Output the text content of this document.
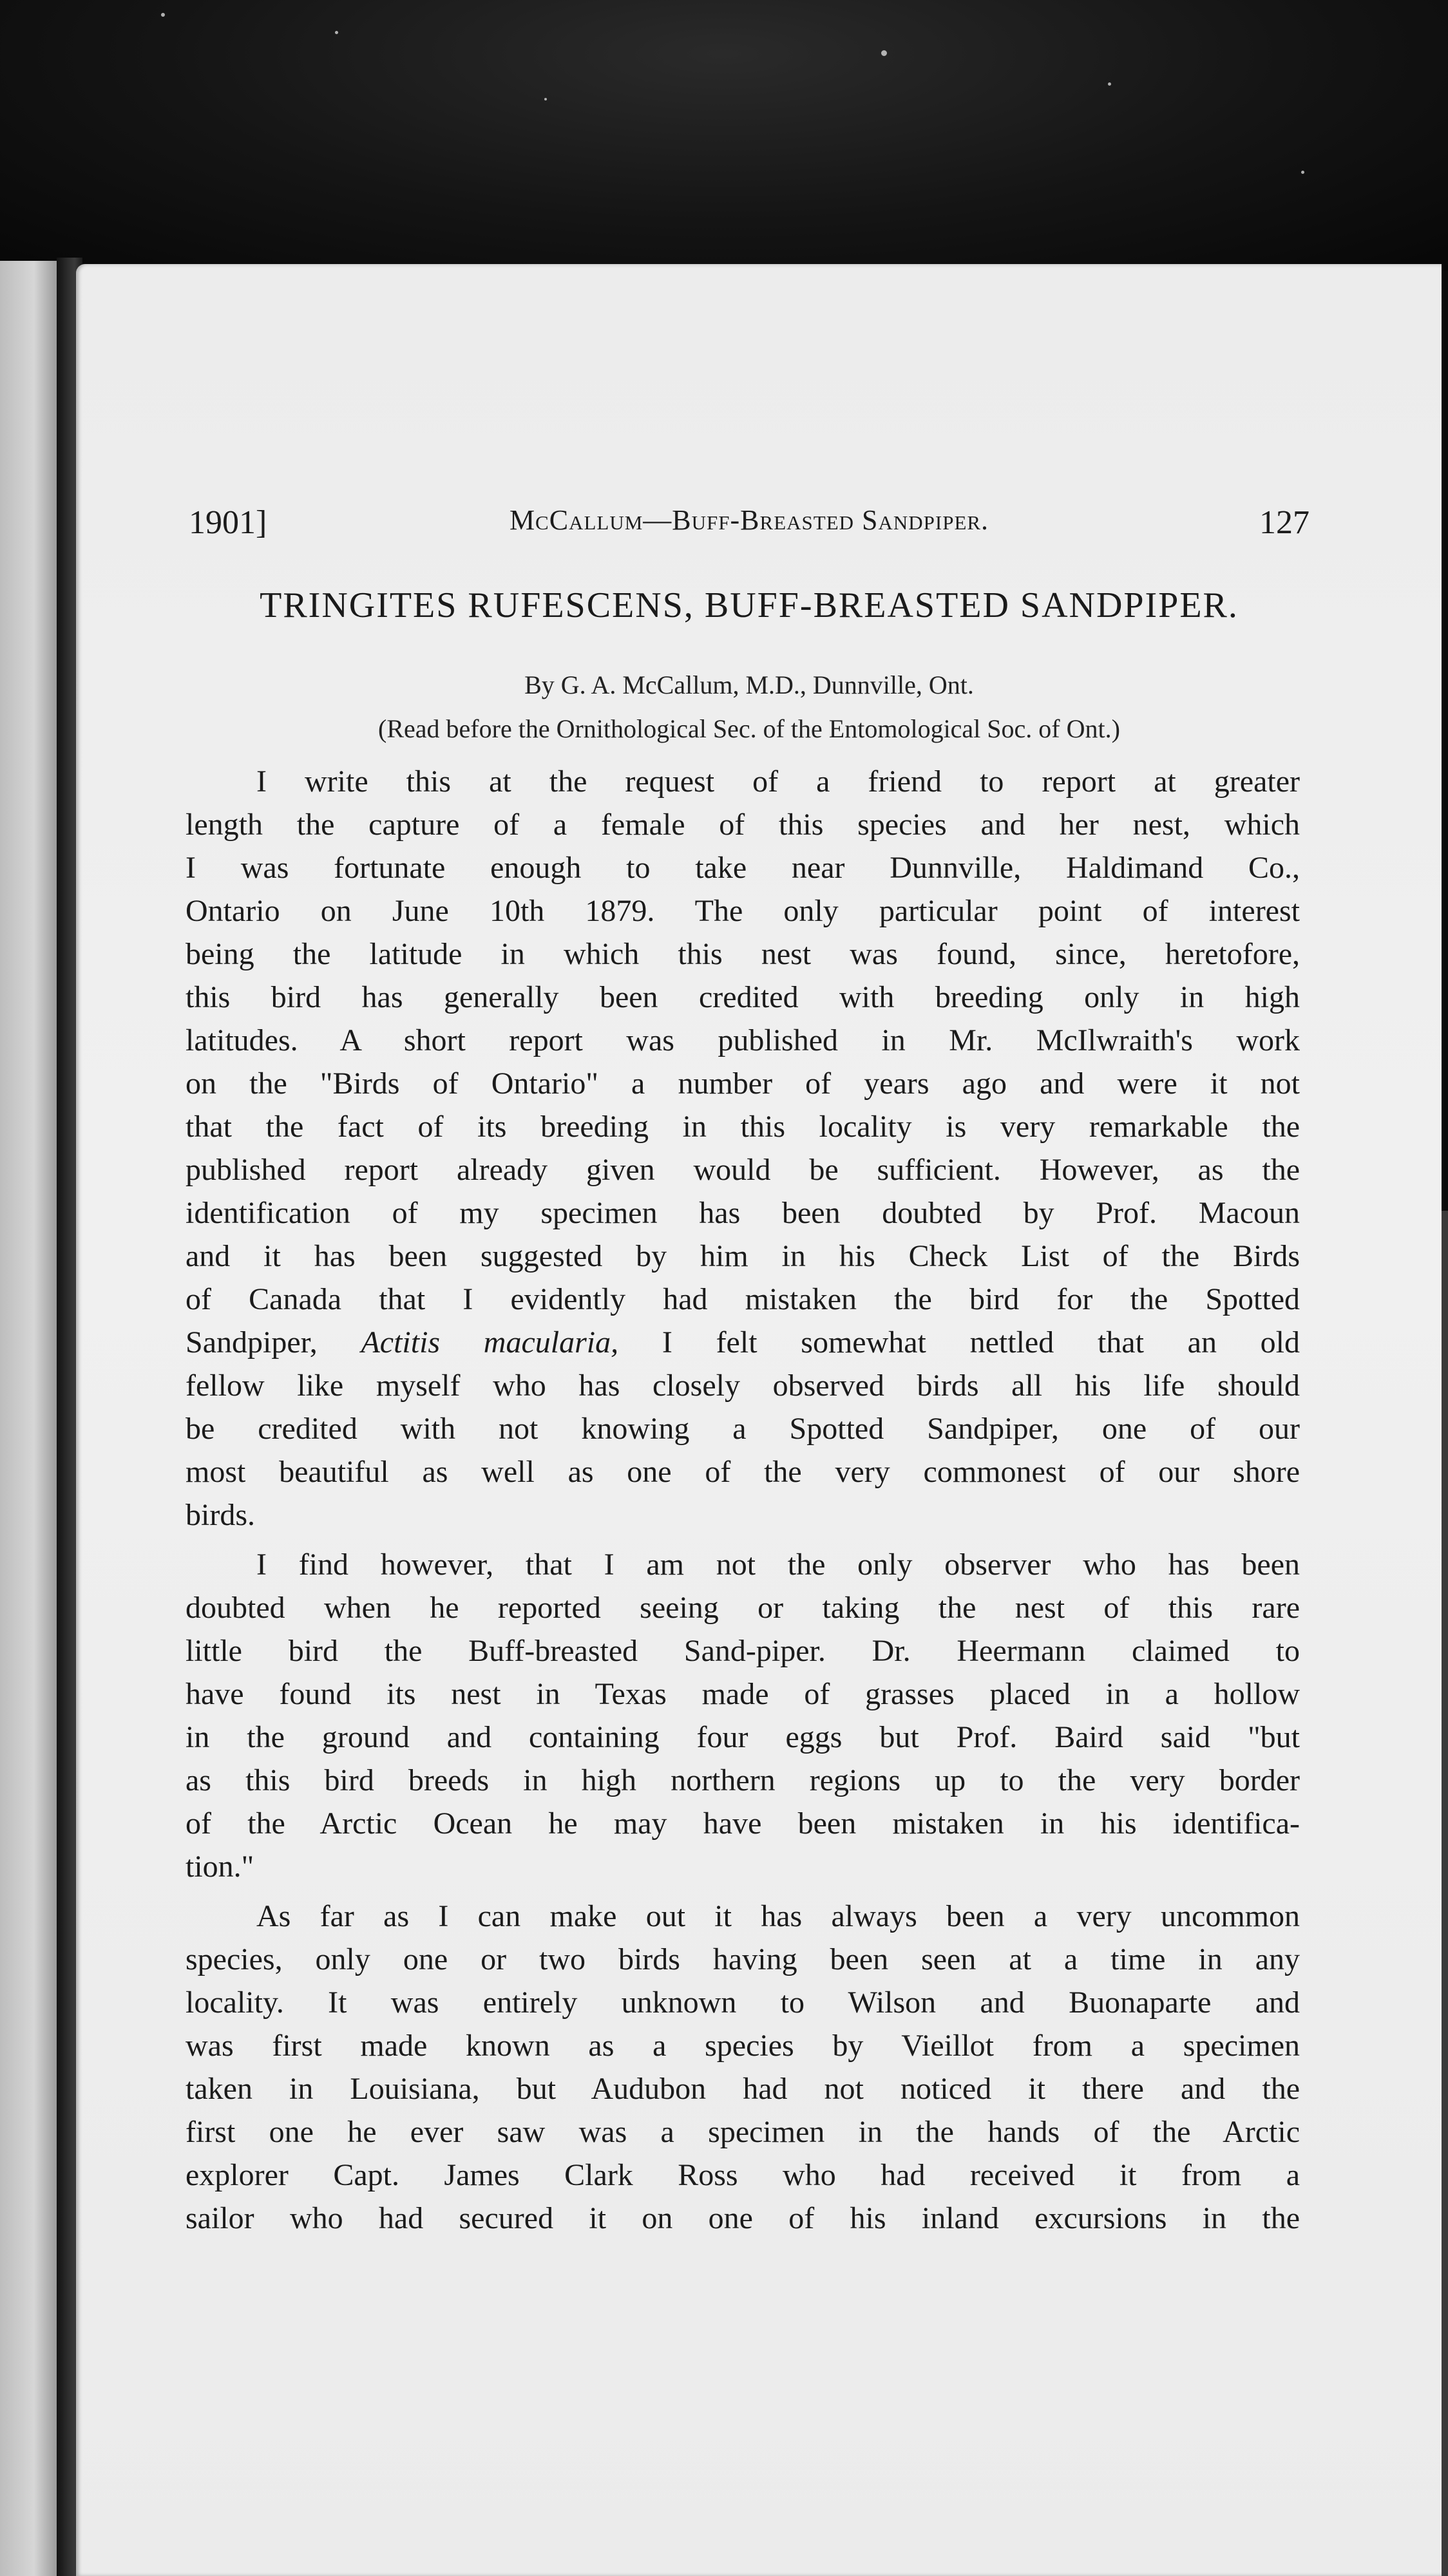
1901]	McCallum—Buff-Breasted Sandpiper.	127
TRINGITES RUFESCENS, BUFF-BREASTED SANDPIPER.
By G. A. McCallum, M.D., Dunnville, Ont.
(Read before the Ornithological Sec. of the Entomological Soc. of Ont.)
I write this at the request of a friend to report at greater
length the capture of a female of this species and her nest, which
I was fortunate enough to take near Dunnville, Haldimand Co.,
Ontario on June 10th 1879. The only particular point of interest
being the latitude in which this nest was found, since, heretofore,
this bird has generally been credited with breeding only in high
latitudes. A short report was published in Mr. McIlwraith's work
on the "Birds of Ontario" a number of years ago and were it not
that the fact of its breeding in this locality is very remarkable the
published report already given would be sufficient. However, as the
identification of my specimen has been doubted by Prof. Macoun
and it has been suggested by him in his Check List of the Birds
of Canada that I evidently had mistaken the bird for the Spotted
Sandpiper, Actitis macularia, I felt somewhat nettled that an old
fellow like myself who has closely observed birds all his life should
be credited with not knowing a Spotted Sandpiper, one of our
most beautiful as well as one of the very commonest of our shore
birds.
I find however, that I am not the only observer who has been
doubted when he reported seeing or taking the nest of this rare
little bird the Buff-breasted Sand-piper. Dr. Heermann claimed to
have found its nest in Texas made of grasses placed in a hollow
in the ground and containing four eggs but Prof. Baird said "but
as this bird breeds in high northern regions up to the very border
of the Arctic Ocean he may have been mistaken in his identifica-
tion."
As far as I can make out it has always been a very uncommon
species, only one or two birds having been seen at a time in any
locality. It was entirely unknown to Wilson and Buonaparte and
was first made known as a species by Vieillot from a specimen
taken in Louisiana, but Audubon had not noticed it there and the
first one he ever saw was a specimen in the hands of the Arctic
explorer Capt. James Clark Ross who had received it from a
sailor who had secured it on one of his inland excursions in the
